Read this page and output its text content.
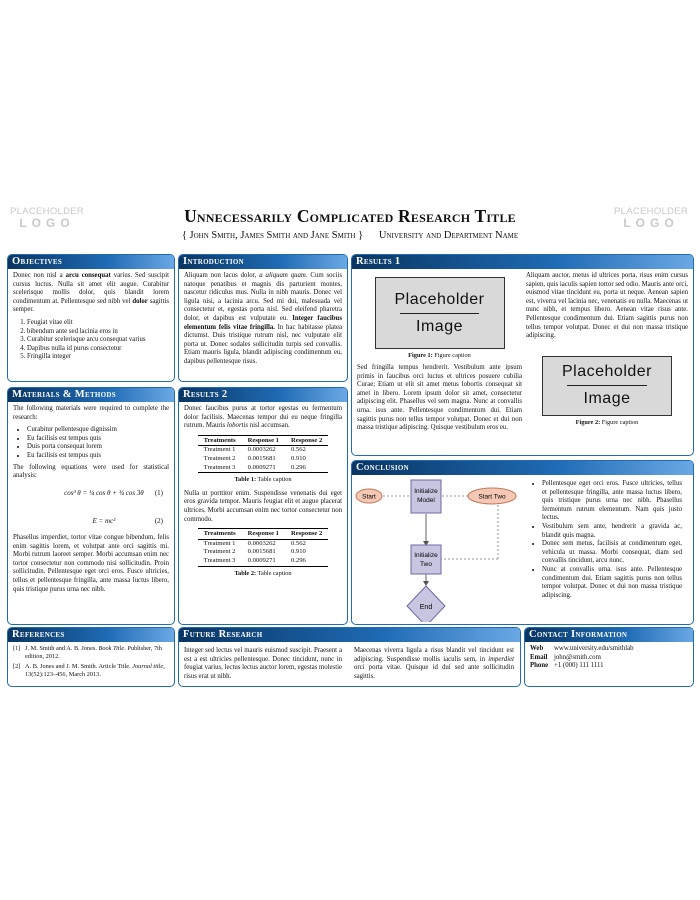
PLACEHOLDER
LOGO
PLACEHOLDER
LOGO
Unnecessarily Complicated Research Title
{ John Smith, James Smith and Jane Smith } University and Department Name
Objectives

Donec non nisl a arcu consequat varius. Sed suscipit cursus luctus. Nulla sit amet elit augue. Curabitur scelerisque mollis dolor, quis blandit lorem condimentum at. Pellentesque sed nibh vel dolor sagittis semper.

1. Feugiat vitae elit
2. bibendum ante sed lacinia eros in
3. Curabitur scelerisque arcu consequat varius
4. Dapibus nulla id purus consectetur
5. Fringilla integer
Introduction

Aliquam non lacus dolor, a aliquam quam. Cum sociis natoque penatibus et magnis dis parturient montes, nascetur ridiculus mus. Nulla in nibh mauris. Donec vel ligula nisi, a lacinia arcu. Sed mi dui, malesuada vel consectetur et, egestas porta nisl. Sed eleifend pharetra dolor, et dapibus est vulputate eu. Integer faucibus elementum felis vitae fringilla. In hac habitasse platea dictumst. Duis tristique rutrum nisl, nec vulputate elit porta ut. Donec sodales sollicitudin turpis sed convallis. Etiam mauris ligula, blandit adipiscing condimentum eu, dapibus pellentesque risus.

Results 1
Placeholder
Image
Figure 1: Figure caption
Sed fringilla tempus hendrerit. Vestibulum ante ipsum primis in faucibus orci luctus et ultrices posuere cubilia Curae; Etiam ut elit sit amet metus lobortis consequat sit amet in libero. Lorem ipsum dolor sit amet, consectetur adipiscing elit. Phasellus vel sem magna. Nunc at convallis urna. isus ante. Pellentesque condimentum dui. Etiam sagittis purus non tellus tempor volutpat. Donec et dui non massa tristique adipiscing. Quisque vestibulum eros eu.
Aliquam auctor, metus id ultrices porta, risus enim cursus sapien, quis iaculis sapien tortor sed odio. Mauris ante orci, euismod vitae tincidunt eu, porta ut neque. Aenean sapien est, viverra vel lacinia nec, venenatis eu nulla. Maecenas ut nunc nibh, et tempus libero. Aenean vitae risus ante. Pellentesque condimentum dui. Etiam sagittis purus non tellus tempor volutpat. Donec et dui non massa tristique adipiscing.
Placeholder
Image
Figure 2: Figure caption
Materials & Methods

The following materials were required to complete the research:

• Curabitur pellentesque dignissim
• Eu facilisis est tempus quis
• Duis porta consequat lorem
• Eu facilisis est tempus quis

The following equations were used for statistical analysis:

cos³ θ = ¼ cos θ + ¾ cos 3θ	(1)
E = mc²	(2)

Phasellus imperdiet, tortor vitae congue bibendum, felis enim sagittis lorem, et volutpat ante orci sagittis mi. Morbi rutrum laoreet semper. Morbi accumsan enim nec tortor consectetur non commodo nisi sollicitudin. Proin sollicitudin. Pellentesque eget orci eros. Fusce ultricies, tellus et pellentesque fringilla, ante massa luctus libero, quis tristique purus urna nec nibh.

Results 2

Donec faucibus purus at tortor egestas eu fermentum dolor facilisis. Maecenas tempor dui eu neque fringilla rutrum. Mauris lobortis nisl accumsan.

Treatments	Response 1	Response 2
Treatment 1	0.0003262	0.562
Treatment 2	0.0015681	0.910
Treatment 3	0.0009271	0.296
Table 1: Table caption

Nulla ut porttitor enim. Suspendisse venenatis dui eget eros gravida tempor. Mauris feugiat elit et augue placerat ultrices. Morbi accumsan enim nec tortor consectetur non commodo.

Treatments	Response 1	Response 2
Treatment 1	0.0003262	0.562
Treatment 2	0.0015681	0.910
Treatment 3	0.0009271	0.296
Table 2: Table caption
Conclusion
Start
Initialize
Model	Start Two
Initialize
Two
End
• Pellentesque eget orci eros. Fusce ultricies, tellus et pellentesque fringilla, ante massa luctus libero, quis tristique purus urna nec nibh. Phasellus fermentum rutrum elementum. Nam quis justo lectus.
• Vestibulum sem ante, hendrerit a gravida ac, blandit quis magna.
• Donec sem metus, facilisis at condimentum eget, vehicula ut massa. Morbi consequat, diam sed convallis tincidunt, arcu nunc.
• Nunc at convallis urna. isus ante. Pellentesque condimentum dui. Etiam sagittis purus non tellus tempor volutpat. Donec et dui non massa tristique adipiscing.
References
[1] J. M. Smith and A. B. Jones. Book Title. Publisher, 7th edition, 2012.
[2] A. B. Jones and J. M. Smith. Article Title. Journal title, 13(52):123–456, March 2013.
Future Research
Integer sed lectus vel mauris euismod suscipit. Praesent a est a est ultricies pellentesque. Donec tincidunt, nunc in feugiat varius, lectus lectus auctor lorem, egestas molestie risus erat ut nibh.
Maecenas viverra ligula a risus blandit vel tincidunt est adipiscing. Suspendisse mollis iaculis sem, in imperdiet orci porta vitae. Quisque id dui sed ante sollicitudin sagittis.
Contact Information
Web www.university.edu/smithlab
Email john@smith.com
Phone +1 (000) 111 1111
